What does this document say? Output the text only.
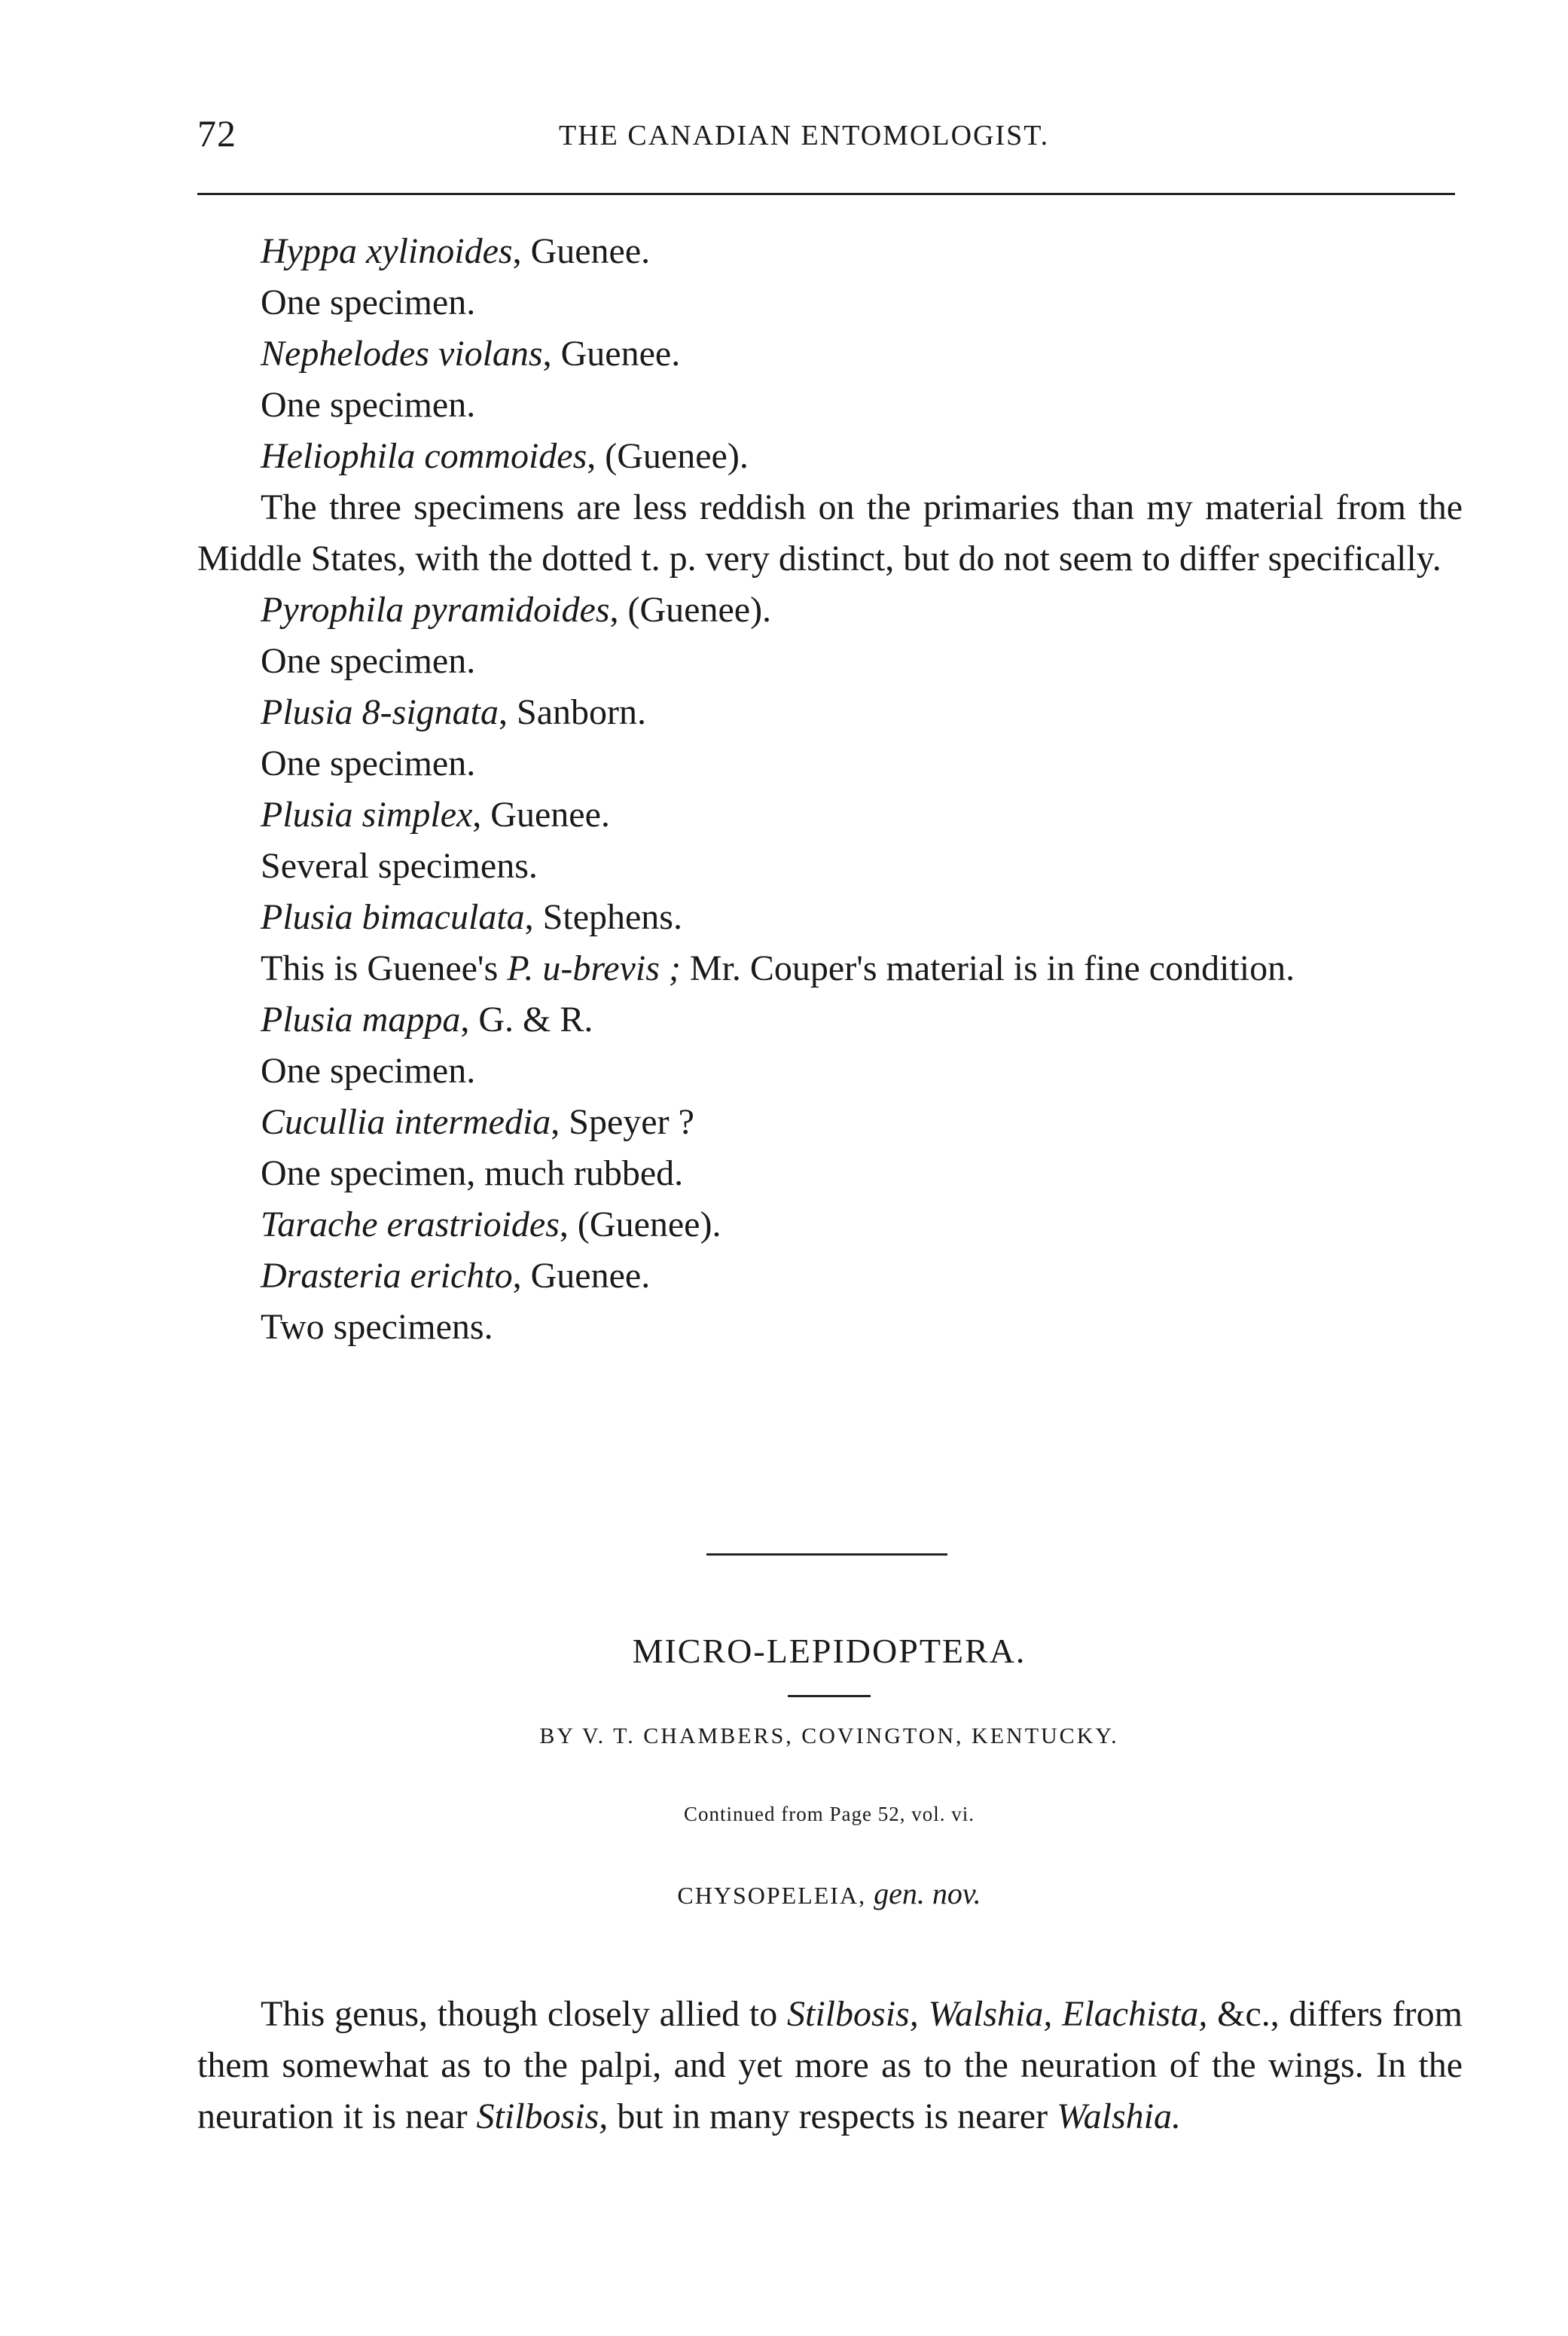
72	THE CANADIAN ENTOMOLOGIST.
Hyppa xylinoides, Guenee.
One specimen.
Nephelodes violans, Guenee.
One specimen.
Heliophila commoides, (Guenee).

The three specimens are less reddish on the primaries than my material from the Middle States, with the dotted t. p. very distinct, but do not seem to differ specifically.

Pyrophila pyramidoides, (Guenee).
One specimen.
Plusia 8-signata, Sanborn.
One specimen.
Plusia simplex, Guenee.
Several specimens.
Plusia bimaculata, Stephens.

This is Guenee's P. u-brevis ; Mr. Couper's material is in fine condition.

Plusia mappa, G. & R.
One specimen.
Cucullia intermedia, Speyer ?
One specimen, much rubbed.
Tarache erastrioides, (Guenee).
Drasteria erichto, Guenee.
Two specimens.
MICRO-LEPIDOPTERA.
BY V. T. CHAMBERS, COVINGTON, KENTUCKY.
Continued from Page 52, vol. vi.
CHYSOPELEIA, gen. nov.

This genus, though closely allied to Stilbosis, Walshia, Elachista, &c., differs from them somewhat as to the palpi, and yet more as to the neuration of the wings. In the neuration it is near Stilbosis, but in many respects is nearer Walshia.
